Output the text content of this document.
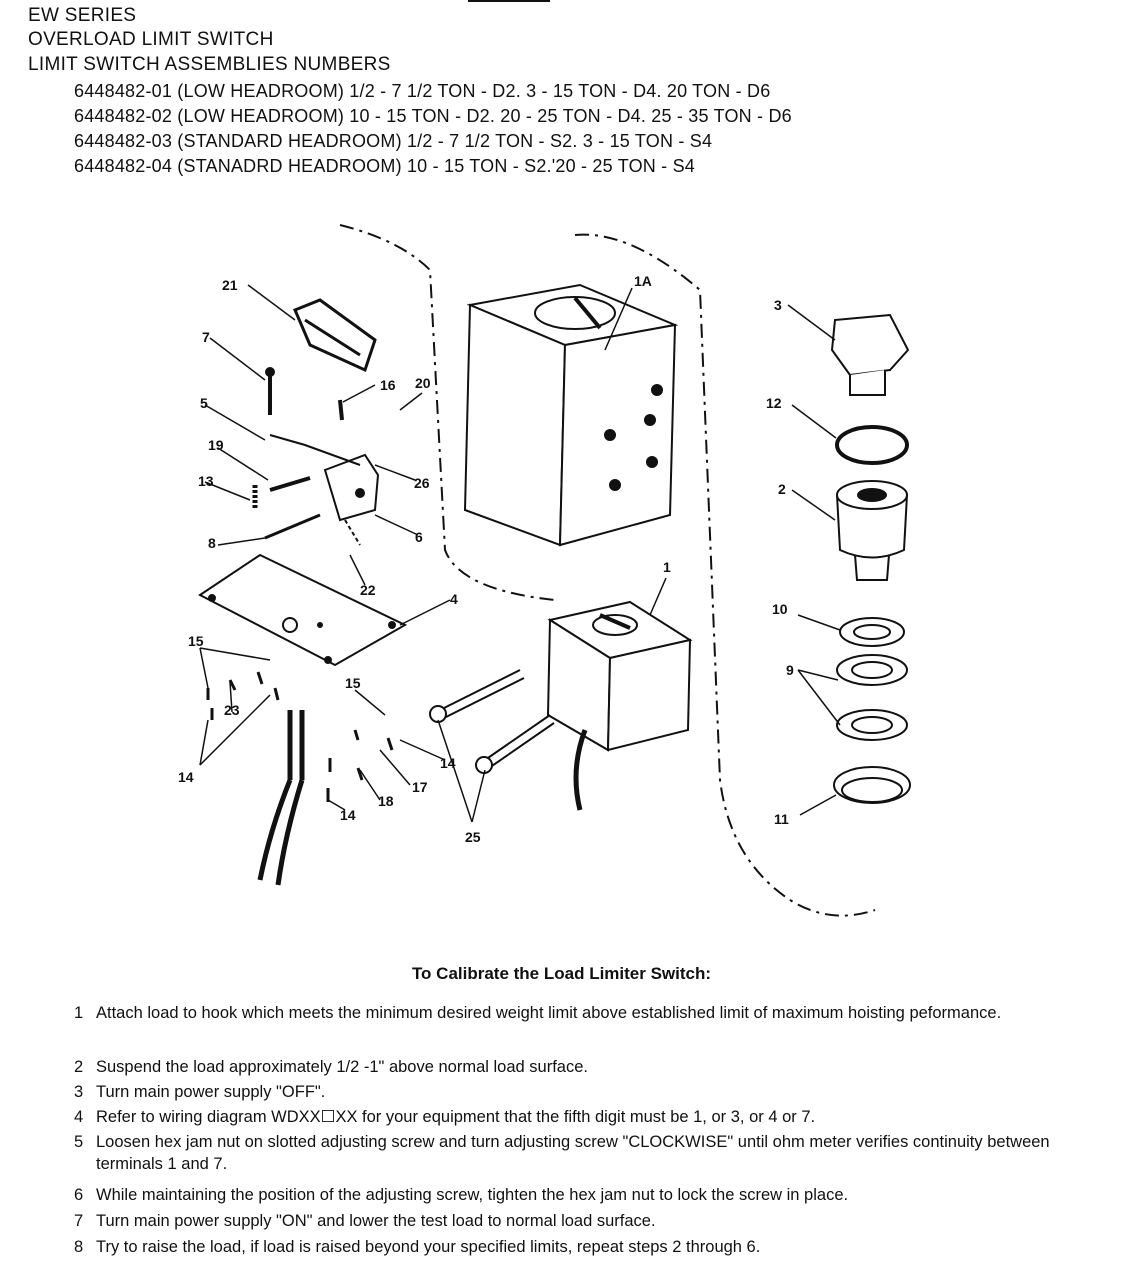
EW SERIES
OVERLOAD LIMIT SWITCH
LIMIT SWITCH ASSEMBLIES NUMBERS
6448482-01 (LOW HEADROOM) 1/2 - 7 1/2 TON - D2. 3 - 15 TON - D4. 20 TON - D6
6448482-02 (LOW HEADROOM) 10 - 15 TON - D2. 20 - 25 TON - D4. 25 - 35 TON - D6
6448482-03 (STANDARD HEADROOM) 1/2 - 7 1/2 TON - S2. 3 - 15 TON - S4
6448482-04 (STANADRD HEADROOM) 10 - 15 TON - S2.'20 - 25 TON - S4
21
7
5
16 20
19
26
13
6
8
22
4
15
23
14
15
17
18
14
14
25
1
1A
3
12
2
10
9
11
To Calibrate the Load Limiter Switch:
1 Attach load to hook which meets the minimum desired weight limit above established limit of maximum hoisting peformance.
2 Suspend the load approximately 1/2 -1" above normal load surface.
3 Turn main power supply "OFF".
4 Refer to wiring diagram WDXX☐XX for your equipment that the fifth digit must be 1, or 3, or 4 or 7.
5 Loosen hex jam nut on slotted adjusting screw and turn adjusting screw "CLOCKWISE" until ohm meter verifies continuity between terminals 1 and 7.
6 While maintaining the position of the adjusting screw, tighten the hex jam nut to lock the screw in place.
7 Turn main power supply "ON" and lower the test load to normal load surface.
8 Try to raise the load, if load is raised beyond your specified limits, repeat steps 2 through 6.
